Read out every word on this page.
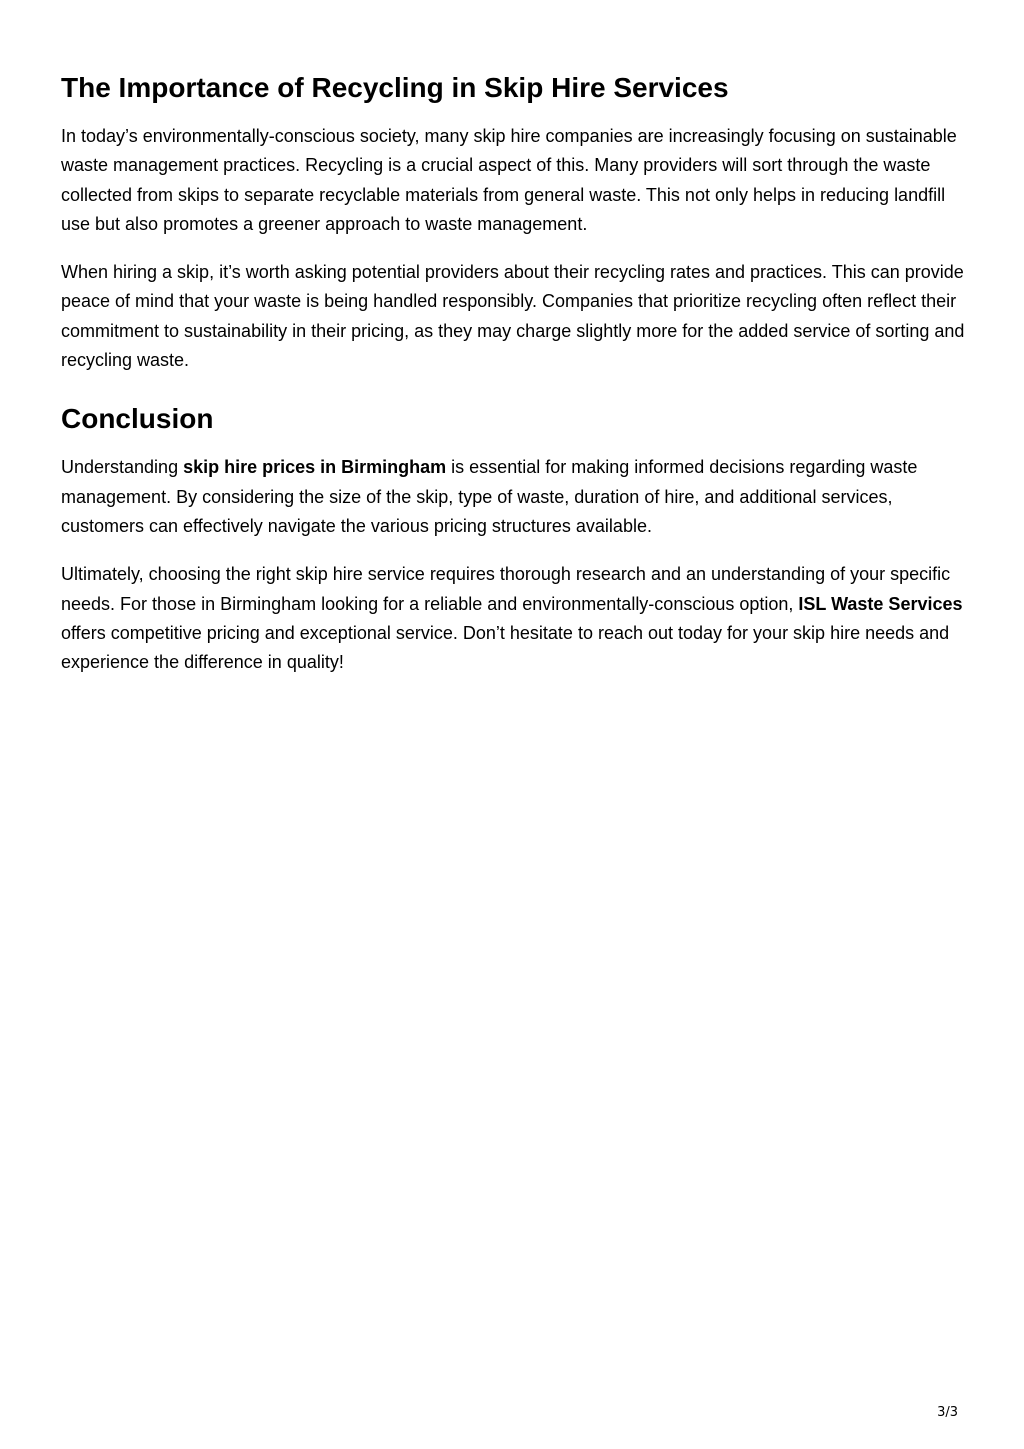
The Importance of Recycling in Skip Hire Services

In today’s environmentally-conscious society, many skip hire companies are increasingly focusing on sustainable waste management practices. Recycling is a crucial aspect of this. Many providers will sort through the waste collected from skips to separate recyclable materials from general waste. This not only helps in reducing landfill use but also promotes a greener approach to waste management.

When hiring a skip, it’s worth asking potential providers about their recycling rates and practices. This can provide peace of mind that your waste is being handled responsibly. Companies that prioritize recycling often reflect their commitment to sustainability in their pricing, as they may charge slightly more for the added service of sorting and recycling waste.

Conclusion

Understanding skip hire prices in Birmingham is essential for making informed decisions regarding waste management. By considering the size of the skip, type of waste, duration of hire, and additional services, customers can effectively navigate the various pricing structures available.

Ultimately, choosing the right skip hire service requires thorough research and an understanding of your specific needs. For those in Birmingham looking for a reliable and environmentally-conscious option, ISL Waste Services offers competitive pricing and exceptional service. Don’t hesitate to reach out today for your skip hire needs and experience the difference in quality!

3/3
